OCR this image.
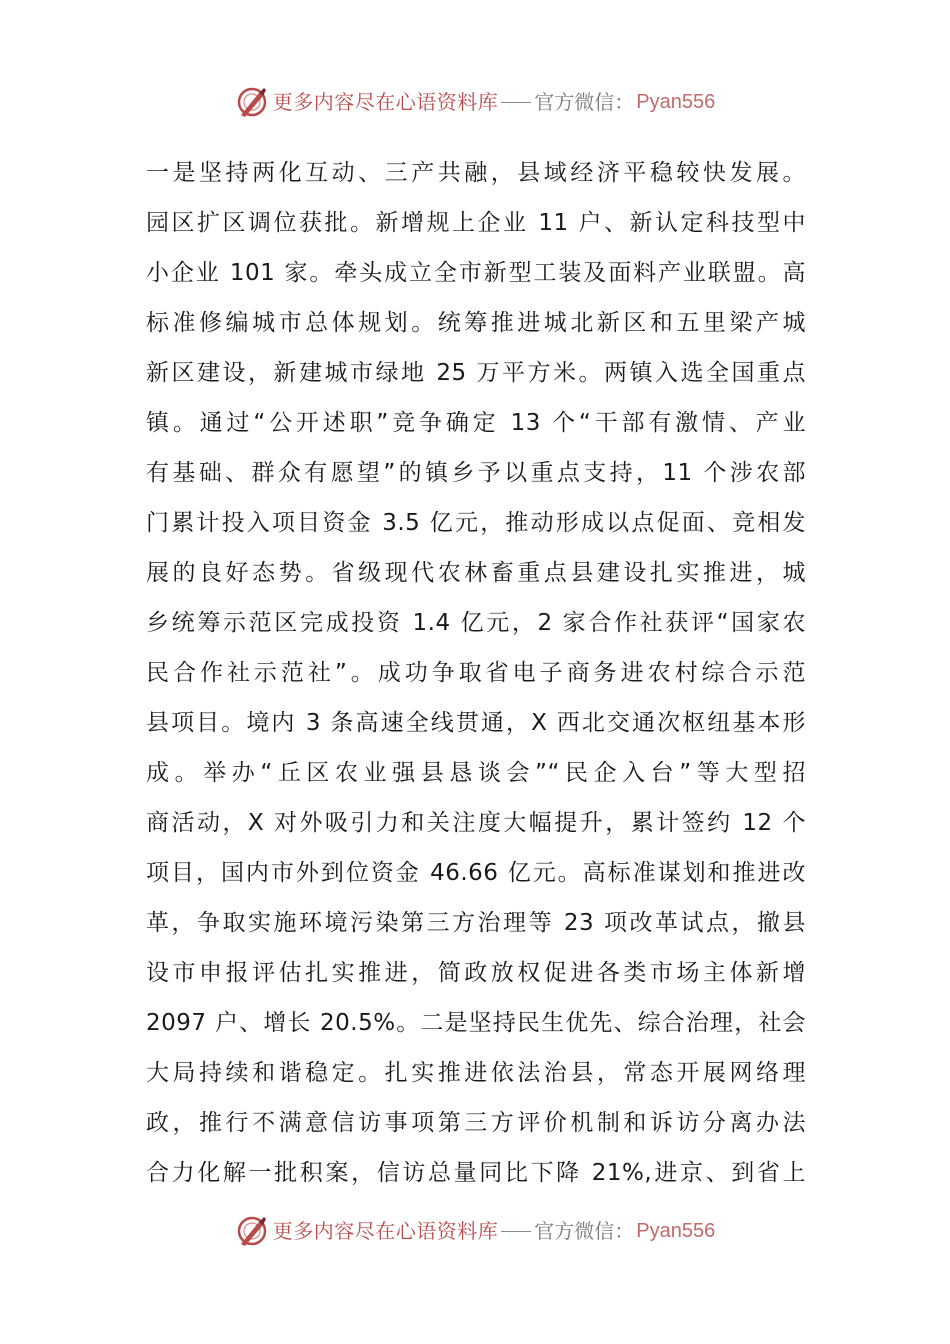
更多内容尽在心语资料库 官方微信： Pyan556
一是坚持两化互动、三产共融，县域经济平稳较快发展。
园区扩区调位获批。新增规上企业 11 户、新认定科技型中
小企业 101 家。牵头成立全市新型工装及面料产业联盟。高
标准修编城市总体规划。统筹推进城北新区和五里梁产城
新区建设，新建城市绿地 25 万平方米。两镇入选全国重点
镇。通过“公开述职”竞争确定 13 个“干部有激情、产业
有基础、群众有愿望”的镇乡予以重点支持，11 个涉农部
门累计投入项目资金 3.5 亿元，推动形成以点促面、竞相发
展的良好态势。省级现代农林畜重点县建设扎实推进，城
乡统筹示范区完成投资 1.4 亿元，2 家合作社获评“国家农
民合作社示范社”。成功争取省电子商务进农村综合示范
县项目。境内 3 条高速全线贯通，X 西北交通次枢纽基本形
成。举办“丘区农业强县恳谈会”“民企入台”等大型招
商活动，X 对外吸引力和关注度大幅提升，累计签约 12 个
项目，国内市外到位资金 46.66 亿元。高标准谋划和推进改
革，争取实施环境污染第三方治理等 23 项改革试点，撤县
设市申报评估扎实推进，简政放权促进各类市场主体新增
2097 户、增长 20.5%。二是坚持民生优先、综合治理，社会
大局持续和谐稳定。扎实推进依法治县，常态开展网络理
政，推行不满意信访事项第三方评价机制和诉访分离办法
合力化解一批积案，信访总量同比下降 21%,进京、到省上
更多内容尽在心语资料库 官方微信： Pyan556
